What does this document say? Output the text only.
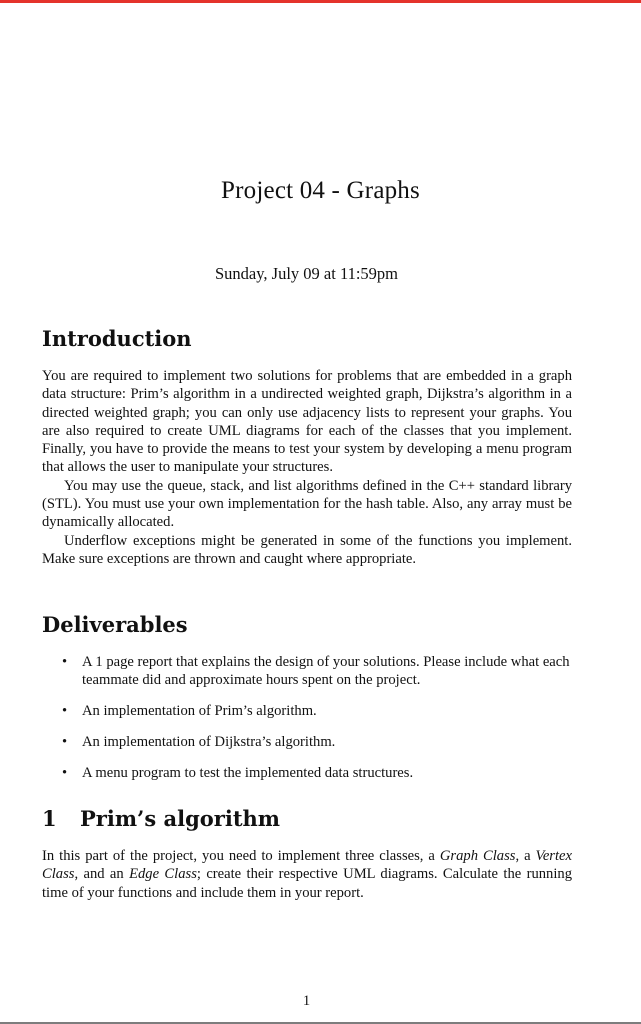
Project 04 - Graphs
Sunday, July 09 at 11:59pm
Introduction

You are required to implement two solutions for problems that are embedded in a graph data structure: Prim’s algorithm in a undirected weighted graph, Dijkstra’s algorithm in a directed weighted graph; you can only use adjacency lists to represent your graphs. You are also required to create UML diagrams for each of the classes that you implement. Finally, you have to provide the means to test your system by developing a menu program that allows the user to manipulate your structures.

You may use the queue, stack, and list algorithms defined in the C++ standard library (STL). You must use your own implementation for the hash table. Also, any array must be dynamically allocated.

Underflow exceptions might be generated in some of the functions you implement. Make sure exceptions are thrown and caught where appropriate.

Deliverables
• A 1 page report that explains the design of your solutions. Please include what each teammate did and approximate hours spent on the project.
• An implementation of Prim’s algorithm.
• An implementation of Dijkstra’s algorithm.
• A menu program to test the implemented data structures.
1 Prim’s algorithm

In this part of the project, you need to implement three classes, a Graph Class, a Vertex Class, and an Edge Class; create their respective UML diagrams. Calculate the running time of your functions and include them in your report.

1
